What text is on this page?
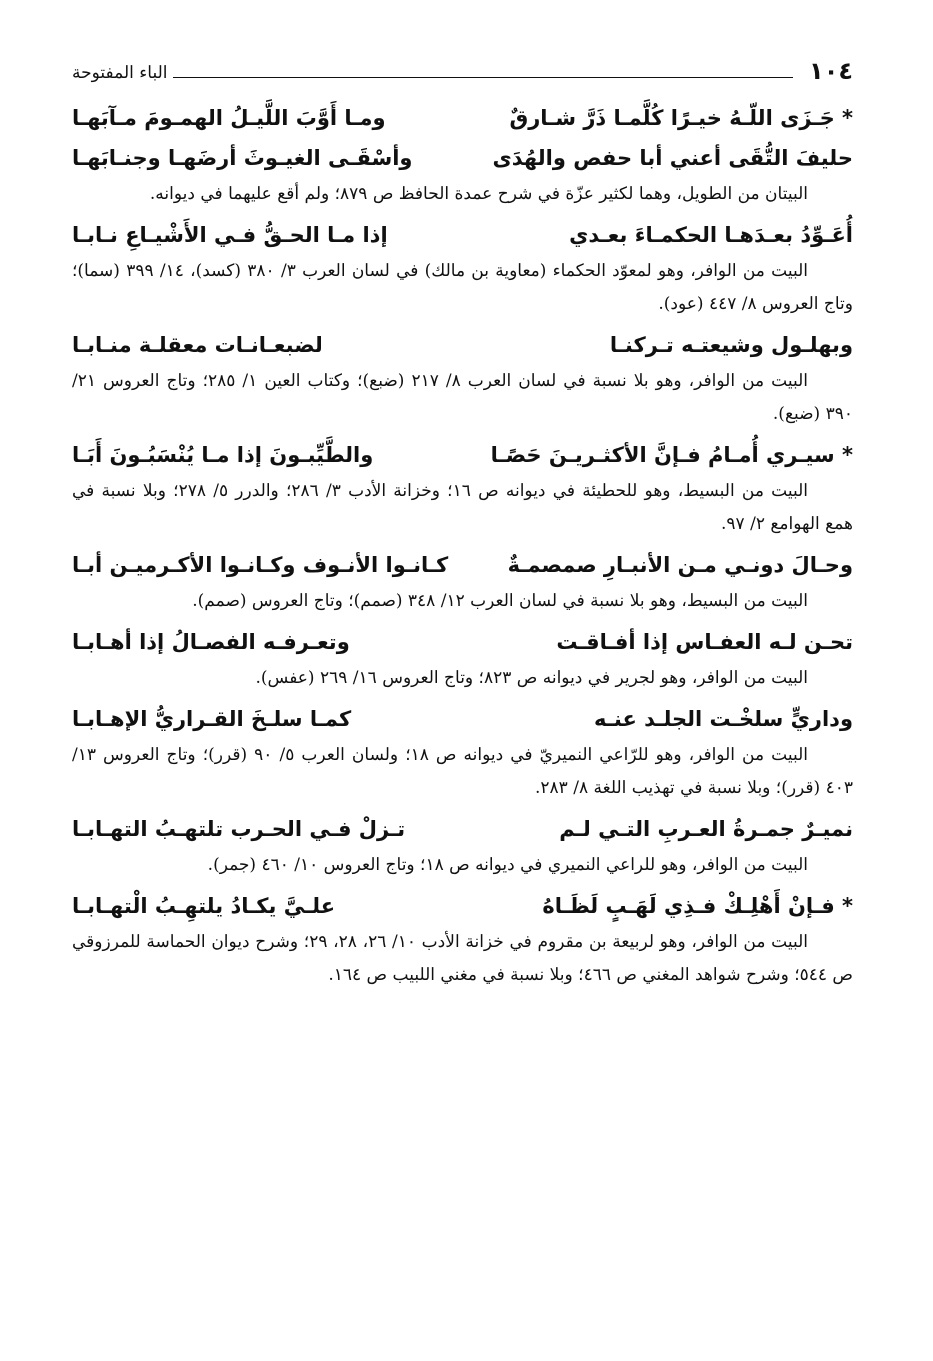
١٠٤
الباء المفتوحة
* جَـزَى اللّـهُ خيـرًا كُلَّمـا ذَرَّ شـارقٌ
ومـا أَوَّبَ اللَّيـلُ الهمـومَ مـآبَهـا
حليفَ التُّقَى أعني أبا حفص والهُدَى
وأسْقَـى الغيـوثَ أرضَهـا وجنـابَهـا

البيتان من الطويل، وهما لكثير عزّة في شرح عمدة الحافظ ص ٨٧٩؛ ولم أقع عليهما في ديوانه.

أُعَـوِّدُ بعـدَهـا الحكمـاءَ بعـدي
إذا مـا الحـقُّ فـي الأَشْيـاعِ نـابـا

البيت من الوافر، وهو لمعوّد الحكماء (معاوية بن مالك) في لسان العرب ٣/ ٣٨٠ (كسد)، ١٤/ ٣٩٩ (سما)؛ وتاج العروس ٨/ ٤٤٧ (عود).

وبهلـول وشيعتـه تـركنـا
لضبعـانـات معقلـة منـابـا

البيت من الوافر، وهو بلا نسبة في لسان العرب ٨/ ٢١٧ (ضبع)؛ وكتاب العين ١/ ٢٨٥؛ وتاج العروس ٢١/ ٣٩٠ (ضبع).

* سيـري أُمـامُ فـإنَّ الأكثـريـنَ حَصًـا
والطَّيِّبـونَ إذا مـا يُنْسَبُـونَ أَبَـا

البيت من البسيط، وهو للحطيئة في ديوانه ص ١٦؛ وخزانة الأدب ٣/ ٢٨٦؛ والدرر ٥/ ٢٧٨؛ وبلا نسبة في همع الهوامع ٢/ ٩٧.

وحـالَ دونـي مـن الأنبـارِ صمصمـةٌ
كـانـوا الأنـوف وكـانـوا الأكـرميـن أبـا

البيت من البسيط، وهو بلا نسبة في لسان العرب ١٢/ ٣٤٨ (صمم)؛ وتاج العروس (صمم).

تحـن لـه العفـاس إذا أفـاقـت
وتعـرفـه الفصـالُ إذا أهـابـا

البيت من الوافر، وهو لجرير في ديوانه ص ٨٢٣؛ وتاج العروس ١٦/ ٢٦٩ (عفس).

وداريٍّ سلخْـت الجلـد عنـه
كمـا سلـخَ القـراريُّ الإهـابـا

البيت من الوافر، وهو للرّاعي النميريّ في ديوانه ص ١٨؛ ولسان العرب ٥/ ٩٠ (قرر)؛ وتاج العروس ١٣/ ٤٠٣ (قرر)؛ وبلا نسبة في تهذيب اللغة ٨/ ٢٨٣.

نميـرٌ جمـرةُ العـربِ التـي لـم
تـزلْ فـي الحـرب تلتهـبُ التهـابـا

البيت من الوافر، وهو للراعي النميري في ديوانه ص ١٨؛ وتاج العروس ١٠/ ٤٦٠ (جمر).

* فـإنْ أَهْلِـكْ فـذِي لَهَـبٍ لَظَـاهُ
علـيَّ يكـادُ يلتهِـبُ الْتهـابـا

البيت من الوافر، وهو لربيعة بن مقروم في خزانة الأدب ١٠/ ٢٦، ٢٨، ٢٩؛ وشرح ديوان الحماسة للمرزوقي ص ٥٤٤؛ وشرح شواهد المغني ص ٤٦٦؛ وبلا نسبة في مغني اللبيب ص ١٦٤.
